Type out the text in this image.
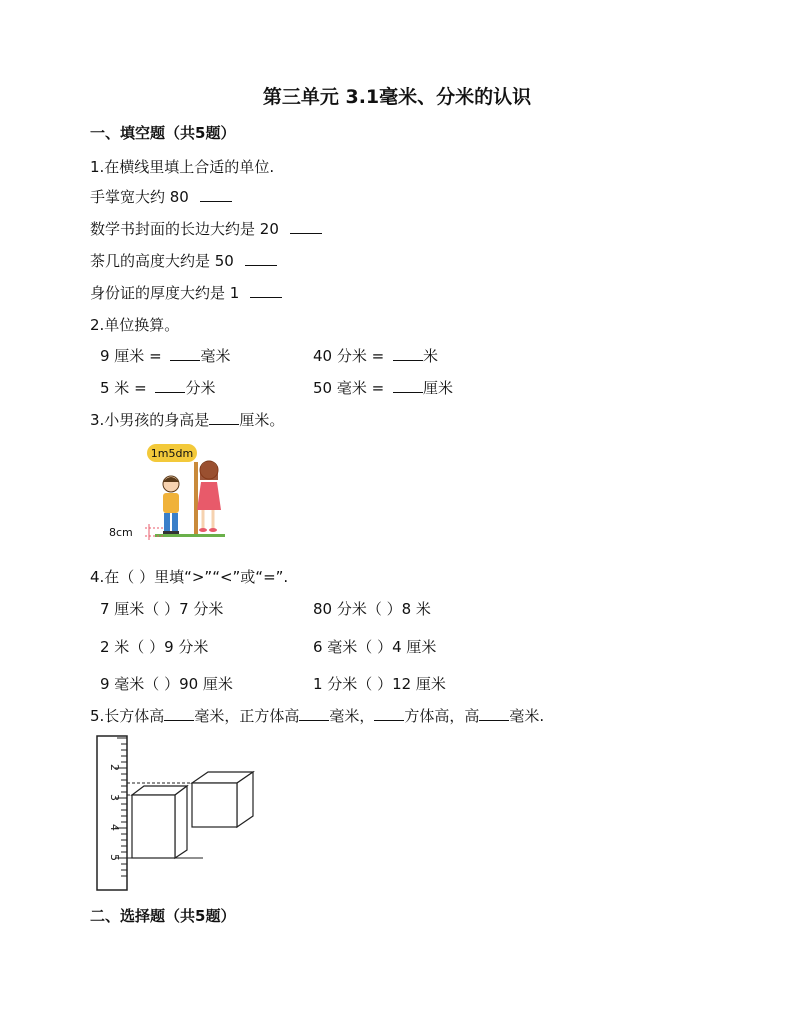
第三单元 3.1毫米、分米的认识
一、填空题（共5题）
1.在横线里填上合适的单位.
手掌宽大约 80
数学书封面的长边大约是 20
茶几的高度大约是 50
身份证的厚度大约是 1
2.单位换算。
9 厘米 =	毫米	40 分米 =	米
5 米 =	分米	50 毫米 =	厘米
3.小男孩的身高是 厘米。
1m5dm
8cm
4.在（ ）里填“>”“<”或“=”.
7 厘米（ ）7 分米	80 分米（ ）8 米
2 米（ ）9 分米	6 毫米（ ）4 厘米
9 毫米（ ）90 厘米	1 分米（ ）12 厘米
5.长方体高 毫米，正方体高 毫米， 方体高，高 毫米.
2
3
4
5
二、选择题（共5题）
